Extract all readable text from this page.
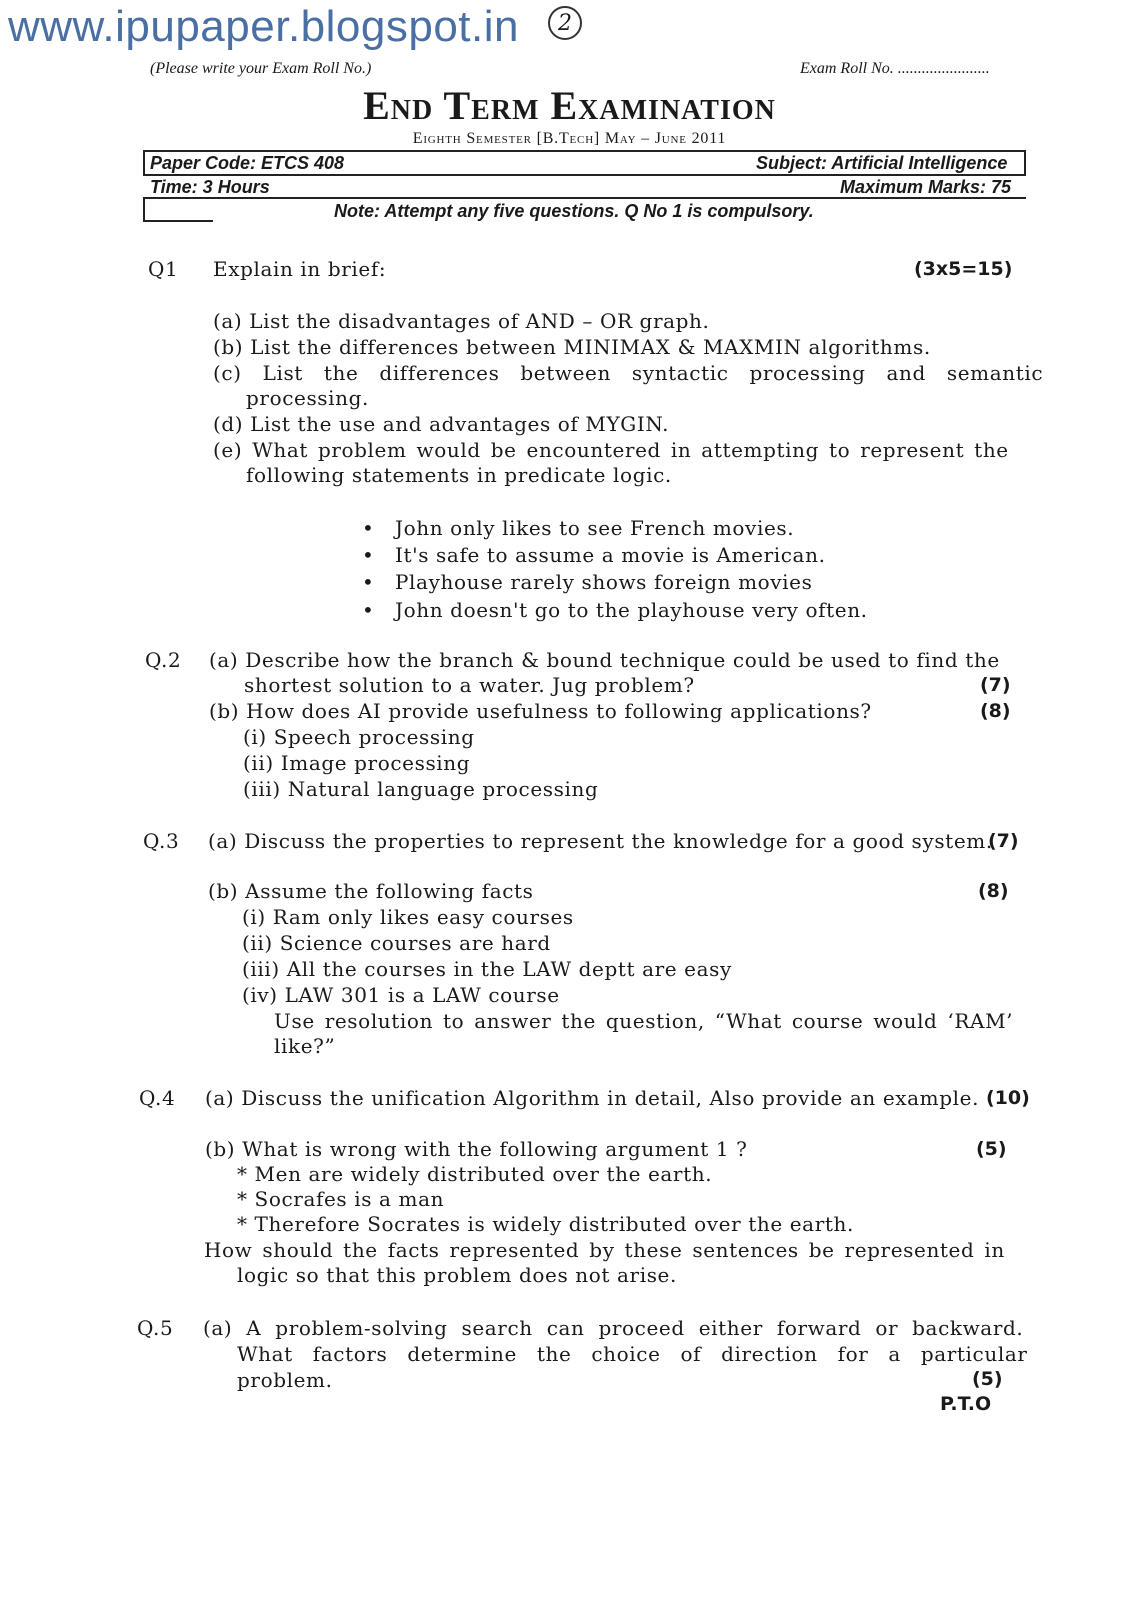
www.ipupaper.blogspot.in	2
(Please write your Exam Roll No.)	Exam Roll No. .......................
End Term Examination
Eighth Semester [B.Tech] May – June 2011
Paper Code: ETCS 408	Subject: Artificial Intelligence
Time: 3 Hours	Maximum Marks: 75
Note: Attempt any five questions. Q No 1 is compulsory.
Q1 Explain in brief:	(3x5=15)
(a) List the disadvantages of AND – OR graph.
(b) List the differences between MINIMAX & MAXMIN algorithms.
(c) List the differences between syntactic processing and semantic
processing.
(d) List the use and advantages of MYGIN.
(e) What problem would be encountered in attempting to represent the
following statements in predicate logic.
• John only likes to see French movies.
• It's safe to assume a movie is American.
• Playhouse rarely shows foreign movies
• John doesn't go to the playhouse very often.
Q.2 (a) Describe how the branch & bound technique could be used to find the
shortest solution to a water. Jug problem?	(7)
(b) How does AI provide usefulness to following applications?	(8)
(i) Speech processing
(ii) Image processing
(iii) Natural language processing
Q.3 (a) Discuss the properties to represent the knowledge for a good system.
(7)
(b) Assume the following facts	(8)
(i) Ram only likes easy courses
(ii) Science courses are hard
(iii) All the courses in the LAW deptt are easy
(iv) LAW 301 is a LAW course
Use resolution to answer the question, “What course would ‘RAM’
like?”
Q.4 (a) Discuss the unification Algorithm in detail, Also provide an example. (10)
(b) What is wrong with the following argument 1 ?	(5)
* Men are widely distributed over the earth.
* Socrafes is a man
* Therefore Socrates is widely distributed over the earth.
How should the facts represented by these sentences be represented in
logic so that this problem does not arise.
Q.5 (a) A problem-solving search can proceed either forward or backward.
What factors determine the choice of direction for a particular
problem.	(5)
P.T.O
